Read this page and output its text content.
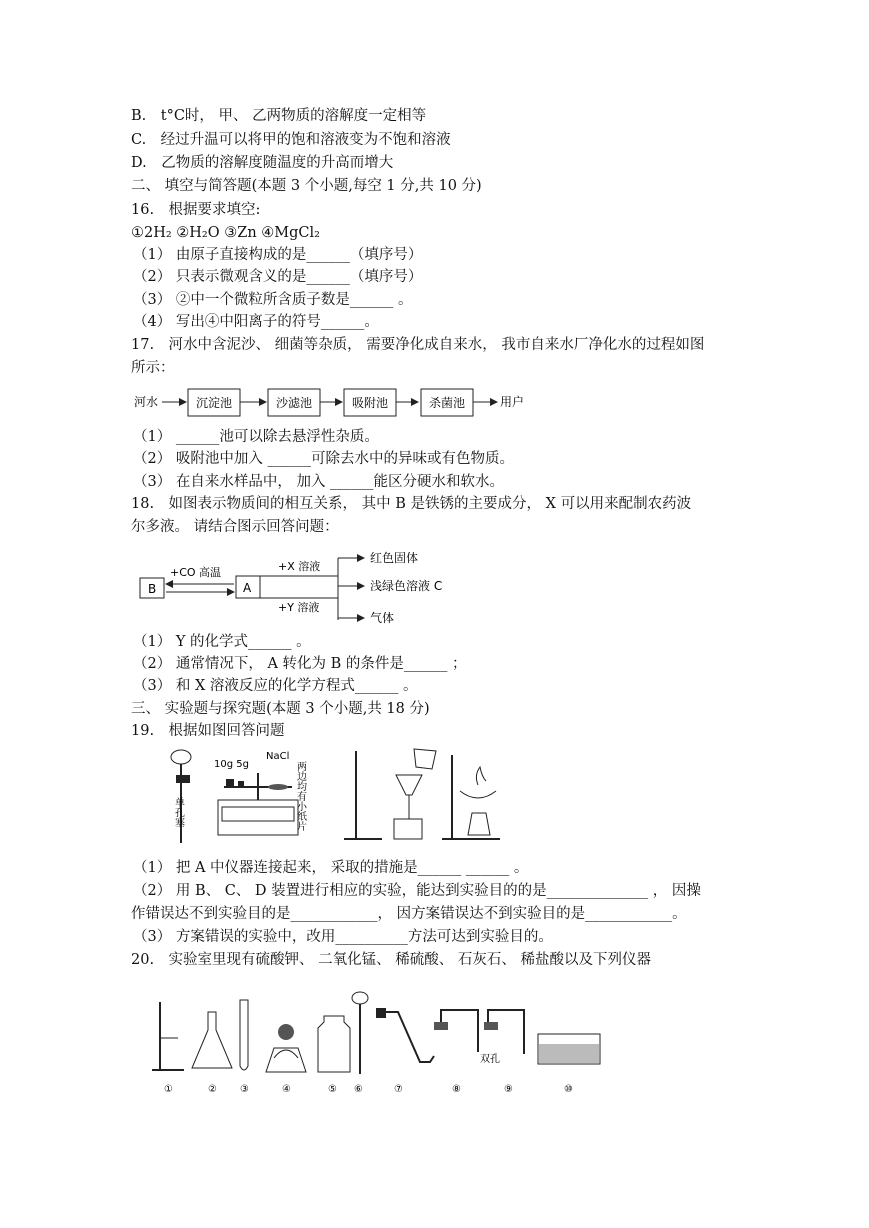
B.　t°C时， 甲、 乙两物质的溶解度一定相等
C.　经过升温可以将甲的饱和溶液变为不饱和溶液
D.　乙物质的溶解度随温度的升高而增大
二、 填空与简答题(本题 3 个小题,每空 1 分,共 10 分)
16.　根据要求填空:
①2H₂ ②H₂O ③Zn ④MgCl₂
（1） 由原子直接构成的是______（填序号）
（2） 只表示微观含义的是______（填序号）
（3） ②中一个微粒所含质子数是______ 。
（4） 写出④中阳离子的符号______。
17.　河水中含泥沙、 细菌等杂质， 需要净化成自来水， 我市自来水厂净化水的过程如图
所示：
河水	沉淀池	沙滤池	吸附池	杀菌池	用户
（1） ______池可以除去悬浮性杂质。
（2） 吸附池中加入 ______可除去水中的异味或有色物质。
（3） 在自来水样品中， 加入 ______能区分硬水和软水。
18.　如图表示物质间的相互关系， 其中 B 是铁锈的主要成分， X 可以用来配制农药波
尔多液。 请结合图示回答问题：
B
+CO 高温
A
+X 溶液
+Y 溶液
红色固体
浅绿色溶液 C
气体
（1） Y 的化学式______ 。
（2） 通常情况下， A 转化为 B 的条件是______ ；
（3） 和 X 溶液反应的化学方程式______ 。
三、 实验题与探究题(本题 3 个小题,共 18 分)
19.　根据如图回答问题
单孔塞
10g 5g
NaCl
两边均有小纸片
（1） 把 A 中仪器连接起来， 采取的措施是______ ______ 。
（2） 用 B、 C、 D 装置进行相应的实验，能达到实验目的的是______________ ， 因操
作错误达不到实验目的是____________， 因方案错误达不到实验目的是____________。
（3） 方案错误的实验中，改用__________方法可达到实验目的。
20.　实验室里现有硫酸钾、 二氧化锰、 稀硫酸、 石灰石、 稀盐酸以及下列仪器
双孔
①	② ③	④	⑤ ⑥	⑦	⑧	⑨	⑩
